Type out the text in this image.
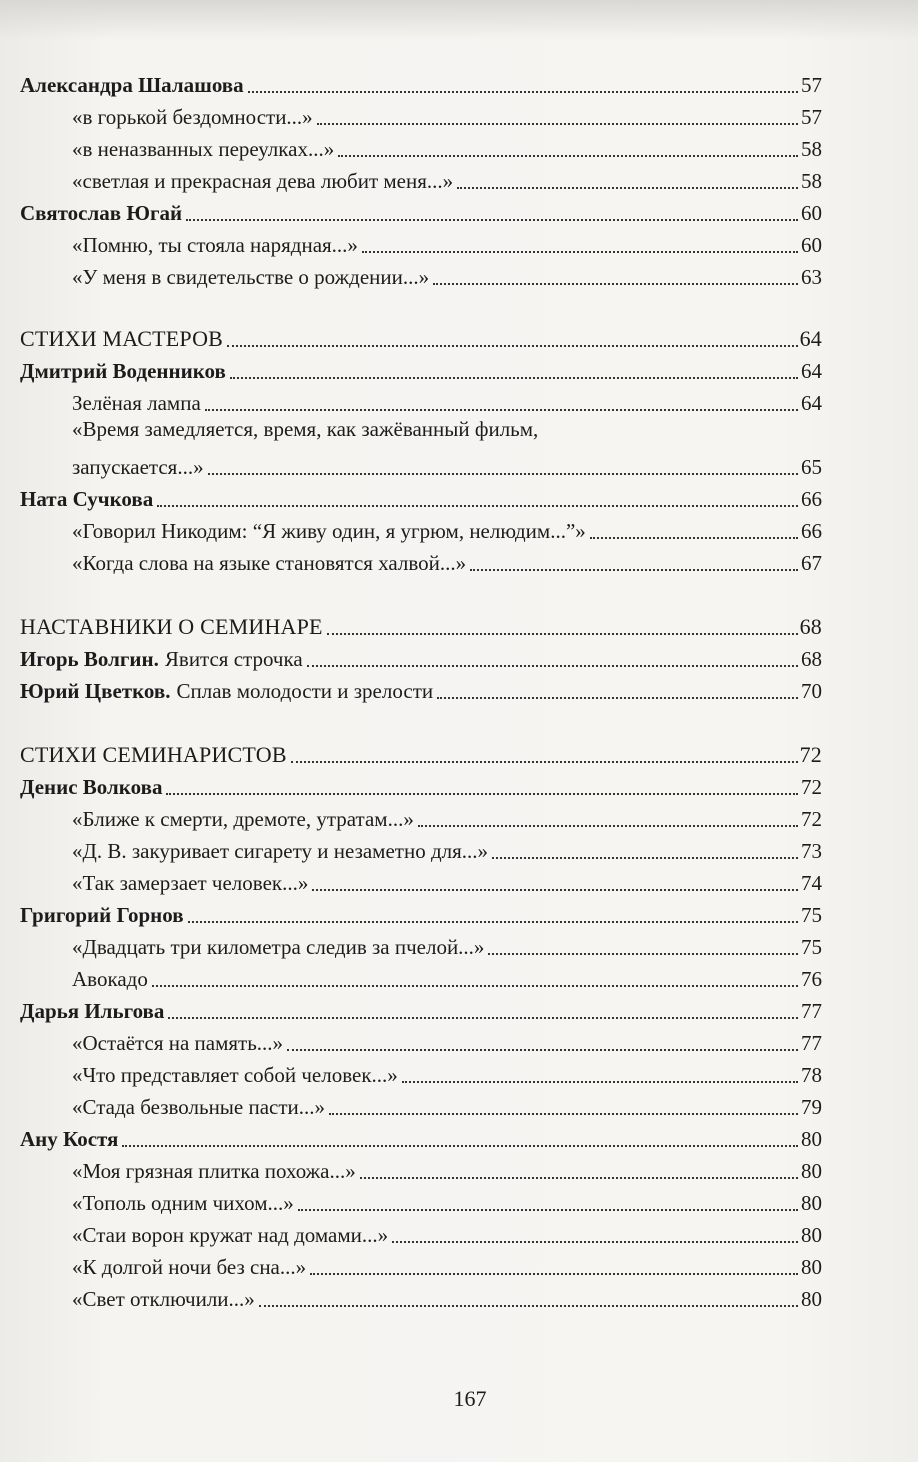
Александра Шалашова	57
«в горькой бездомности...»	57
«в неназванных переулках...»	58
«светлая и прекрасная дева любит меня...»	58
Святослав Югай	60
«Помню, ты стояла нарядная...»	60
«У меня в свидетельстве о рождении...»	63
СТИХИ МАСТЕРОВ	64
Дмитрий Воденников	64
Зелёная лампа	64
«Время замедляется, время, как зажёванный фильм,
запускается...»	65
Ната Сучкова	66
«Говорил Никодим: “Я живу один, я угрюм, нелюдим...”»	66
«Когда слова на языке становятся халвой...»	67
НАСТАВНИКИ О СЕМИНАРЕ	68
Игорь Волгин. Явится строчка	68
Юрий Цветков. Сплав молодости и зрелости	70
СТИХИ СЕМИНАРИСТОВ	72
Денис Волкова	72
«Ближе к смерти, дремоте, утратам...»	72
«Д. В. закуривает сигарету и незаметно для...»	73
«Так замерзает человек...»	74
Григорий Горнов	75
«Двадцать три километра следив за пчелой...»	75
Авокадо	76
Дарья Ильгова	77
«Остаётся на память...»	77
«Что представляет собой человек...»	78
«Стада безвольные пасти...»	79
Ану Костя	80
«Моя грязная плитка похожа...»	80
«Тополь одним чихом...»	80
«Стаи ворон кружат над домами...»	80
«К долгой ночи без сна...»	80
«Свет отключили...»	80
167
